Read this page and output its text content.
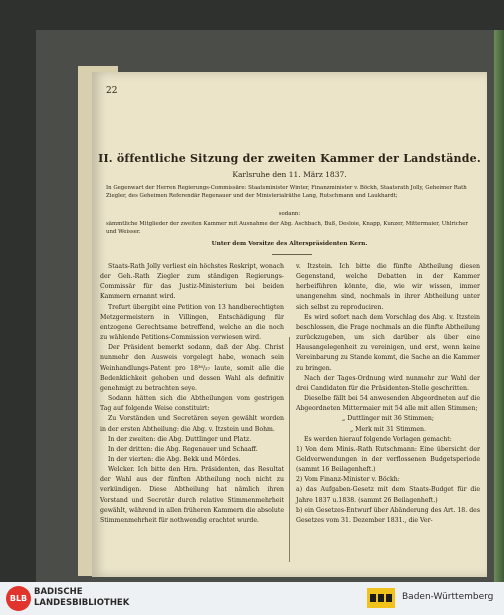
22
II. öffentliche Sitzung der zweiten Kammer der Landstände.
Karlsruhe den 11. März 1837.
In Gegenwart der Herren Regierungs-Commissäre: Staatsminister Winter, Finanzminister v. Böckh, Staatsrath Jolly, Geheimer Rath Ziegler, des Geheimen Referendär Regenauer und der Ministerialräthe Lang, Rutschmann und Laukhardt;
sodann:
sämmtliche Mitglieder der zweiten Kammer mit Ausnahme der Abg. Aschbach, Buß, Desloie, Knapp, Kunzer, Mittermaier, Uhlricher und Weisser.
Unter dem Vorsitze des Alterspräsidenten Kern.

Staats-Rath Jolly verliest ein höchstes Reskript, wonach der Geh.-Rath Ziegler zum ständigen Regierungs-Commissär für das Justiz-Ministerium bei beiden Kammern ernannt wird.

Trefurt übergibt eine Petition von 13 handberechtigten Metzgermeistern in Villingen, Entschädigung für entzogene Gerechtsame betreffend, welche an die noch zu wählende Petitions-Commission verwiesen wird.

Der Präsident bemerkt sodann, daß der Abg. Christ nunmehr den Ausweis vorgelegt habe, wonach sein Weinhandlungs-Patent pro 18³⁶/₃₇ laute, somit alle die Bedenklichkeit gehoben und dessen Wahl als definitiv genehmigt zu betrachten seye.

Sodann hätten sich die Abtheilungen vom gestrigen Tag auf folgende Weise constituirt:

Zu Vorständen und Secretären seyen gewählt worden in der ersten Abtheilung: die Abg. v. Itzstein und Bohm.

In der zweiten: die Abg. Duttlinger und Platz.

In der dritten: die Abg. Regenauer und Schaaff.

In der vierten: die Abg. Bekk und Mördes.

Welcker. Ich bitte den Hrn. Präsidenten, das Resultat der Wahl aus der fünften Abtheilung noch nicht zu verkündigen. Diese Abtheilung hat nämlich ihren Vorstand und Secretär durch relative Stimmenmehrheit gewählt, während in allen früheren Kammern die absolute Stimmenmehrheit für nothwendig erachtet wurde.

v. Itzstein. Ich bitte die fünfte Abtheilung diesen Gegenstand, welche Debatten in der Kammer herbeiführen könnte, die, wie wir wissen, immer unangenehm sind, nochmals in ihrer Abtheilung unter sich selbst zu reproduciren.

Es wird sofort nach dem Vorschlag des Abg. v. Itzstein beschlossen, die Frage nochmals an die fünfte Abtheilung zurückzugeben, um sich darüber als über eine Hausangelegenheit zu vereinigen, und erst, wenn keine Vereinbarung zu Stande kommt, die Sache an die Kammer zu bringen.

Nach der Tages-Ordnung wird nunmehr zur Wahl der drei Candidaten für die Präsidenten-Stelle geschritten.

Dieselbe fällt bei 54 anwesenden Abgeordneten auf die Abgeordneten Mittermaier mit 54 alle mit allen Stimmen;

„ Duttlinger mit 36 Stimmen;

„ Merk mit 31 Stimmen.

Es werden hierauf folgende Vorlagen gemacht:

1) Von dem Minis.-Rath Rutschmann: Eine übersicht der Geldverwendungen in der verflossenen Budgetsperiode (sammt 16 Beilagenheft.)

2) Vom Finanz-Minister v. Böckh:

a) das Aufgaben-Gesetz mit dem Staats-Budget für die Jahre 1837 u.1838. (sammt 26 Beilagenheft.)

b) ein Gesetzes-Entwurf über Abänderung des Art. 18. des Gesetzes vom 31. Dezember 1831., die Ver-

BLB
BADISCHE
LANDESBIBLIOTHEK
Baden-Württemberg
